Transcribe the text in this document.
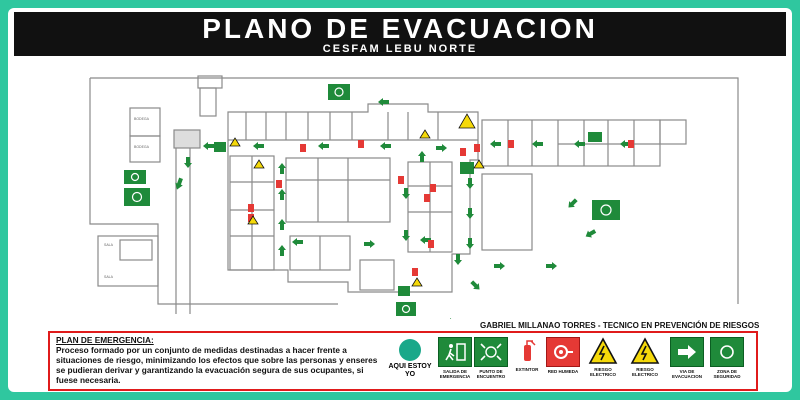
PLANO DE EVACUACION
CESFAM LEBU NORTE
BODEGA
BODEGA
SALA
SALA
GABRIEL MILLANAO TORRES - TECNICO EN PREVENCIÓN DE RIESGOS
PLAN DE EMERGENCIA:
Proceso formado por un conjunto de medidas destinadas a hacer frente a situaciones de riesgo, minimizando los efectos que sobre las personas y enseres se pudieran derivar y garantizando la evacuación segura de sus ocupantes, si fuese necesaria.
AQUI ESTOY
YO	SALIDA DE EMERGENCIA
PUNTO DE ENCUENTRO
EXTINTOR	RED HUMEDA	RIESGO ELECTRICO
RIESGO ELECTRICO
VIA DE EVACUACION
ZONA DE SEGURIDAD
